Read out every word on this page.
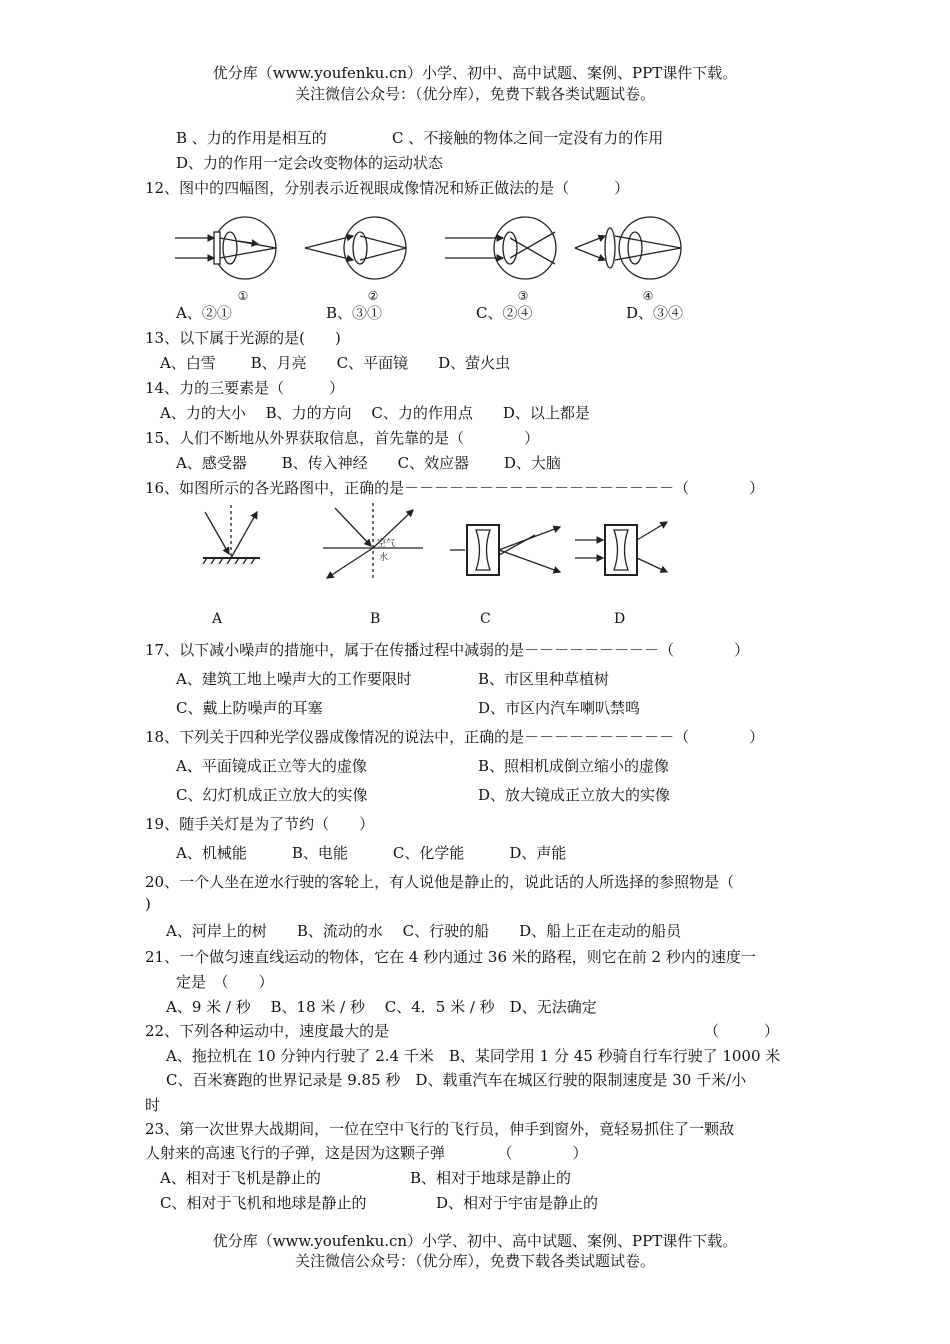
优分库（www.youfenku.cn）小学、初中、高中试题、案例、PPT课件下载。
关注微信公众号：（优分库），免费下载各类试题试卷。
B 、力的作用是相互的	C 、不接触的物体之间一定没有力的作用
D、力的作用一定会改变物体的运动状态
12、图中的四幅图，分别表示近视眼成像情况和矫正做法的是（　　　）
①	②	③	④
A、②①	B、③①	C、②④	D、③④
13、以下属于光源的是(　　)
A、白雪　　 B、月亮　　C、平面镜　　D、萤火虫
14、力的三要素是（　　　）
A、力的大小　 B、力的方向　 C、力的作用点　　D、以上都是
15、人们不断地从外界获取信息，首先靠的是（　　　　）
A、感受器　　 B、传入神经　　C、效应器　　 D、大脑
16、如图所示的各光路图中，正确的是－－－－－－－－－－－－－－－－－－（　　　　）
空气
水
A	B	C	D
17、以下减小噪声的措施中，属于在传播过程中减弱的是－－－－－－－－－（　　　　）
A、建筑工地上噪声大的工作要限时	B、市区里种草植树
C、戴上防噪声的耳塞	D、市区内汽车喇叭禁鸣
18、下列关于四种光学仪器成像情况的说法中，正确的是－－－－－－－－－－（　　　　）
A、平面镜成正立等大的虚像	B、照相机成倒立缩小的虚像
C、幻灯机成正立放大的实像	D、放大镜成正立放大的实像
19、随手关灯是为了节约（　　）
A、机械能　　　B、电能　　　C、化学能　　　D、声能
20、一个人坐在逆水行驶的客轮上，有人说他是静止的，说此话的人所选择的参照物是（
)
A、河岸上的树　　B、流动的水　 C、行驶的船　　D、船上正在走动的船员
21、一个做匀速直线运动的物体，它在 4 秒内通过 36 米的路程，则它在前 2 秒内的速度一
定是　（　　）
A、9 米 / 秒　 B、18 米 / 秒　 C、4．5 米 / 秒　D、无法确定
22、下列各种运动中，速度最大的是	（　　　）
A、拖拉机在 10 分钟内行驶了 2.4 千米　B、某同学用 1 分 45 秒骑自行车行驶了 1000 米
C、百米赛跑的世界记录是 9.85 秒　D、载重汽车在城区行驶的限制速度是 30 千米/小
时
23、第一次世界大战期间，一位在空中飞行的飞行员，伸手到窗外，竟轻易抓住了一颗敌
人射来的高速飞行的子弹，这是因为这颗子弹　　　　（　　　　）
A、相对于飞机是静止的	B、相对于地球是静止的
C、相对于飞机和地球是静止的	D、相对于宇宙是静止的
优分库（www.youfenku.cn）小学、初中、高中试题、案例、PPT课件下载。
关注微信公众号：（优分库），免费下载各类试题试卷。
